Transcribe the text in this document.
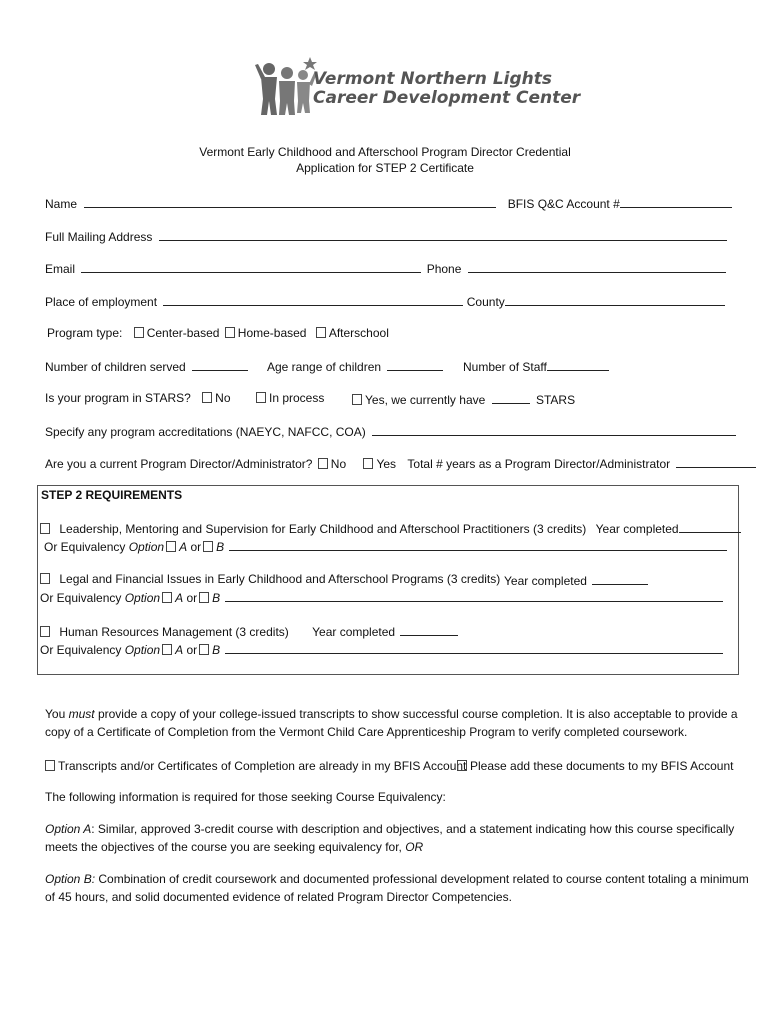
Vermont Northern Lights
Career Development Center
Vermont Early Childhood and Afterschool Program Director Credential
Application for STEP 2 Certificate
Name	BFIS Q&C Account #
Full Mailing Address
Email	Phone
Place of employment	County
Program type: Center-based Home-based Afterschool
Number of children served	Age range of children	Number of Staff
Is your program in STARS? No	In process	Yes, we currently have	STARS
Specify any program accreditations (NAEYC, NAFCC, COA)
Are you a current Program Director/Administrator? No	Yes Total # years as a Program Director/Administrator
STEP 2 REQUIREMENTS
Leadership, Mentoring and Supervision for Early Childhood and Afterschool Practitioners (3 credits) Year completed
Or Equivalency Option A or B
Legal and Financial Issues in Early Childhood and Afterschool Programs (3 credits) Year completed
Or Equivalency Option A or B
Human Resources Management (3 credits) Year completed
Or Equivalency Option A or B
You must provide a copy of your college-issued transcripts to show successful course completion. It is also acceptable to provide a
copy of a Certificate of Completion from the Vermont Child Care Apprenticeship Program to verify completed coursework.
Transcripts and/or Certificates of Completion are already in my BFIS Account Please add these documents to my BFIS Account
The following information is required for those seeking Course Equivalency:
Option A: Similar, approved 3-credit course with description and objectives, and a statement indicating how this course specifically
meets the objectives of the course you are seeking equivalency for, OR
Option B: Combination of credit coursework and documented professional development related to course content totaling a minimum
of 45 hours, and solid documented evidence of related Program Director Competencies.
